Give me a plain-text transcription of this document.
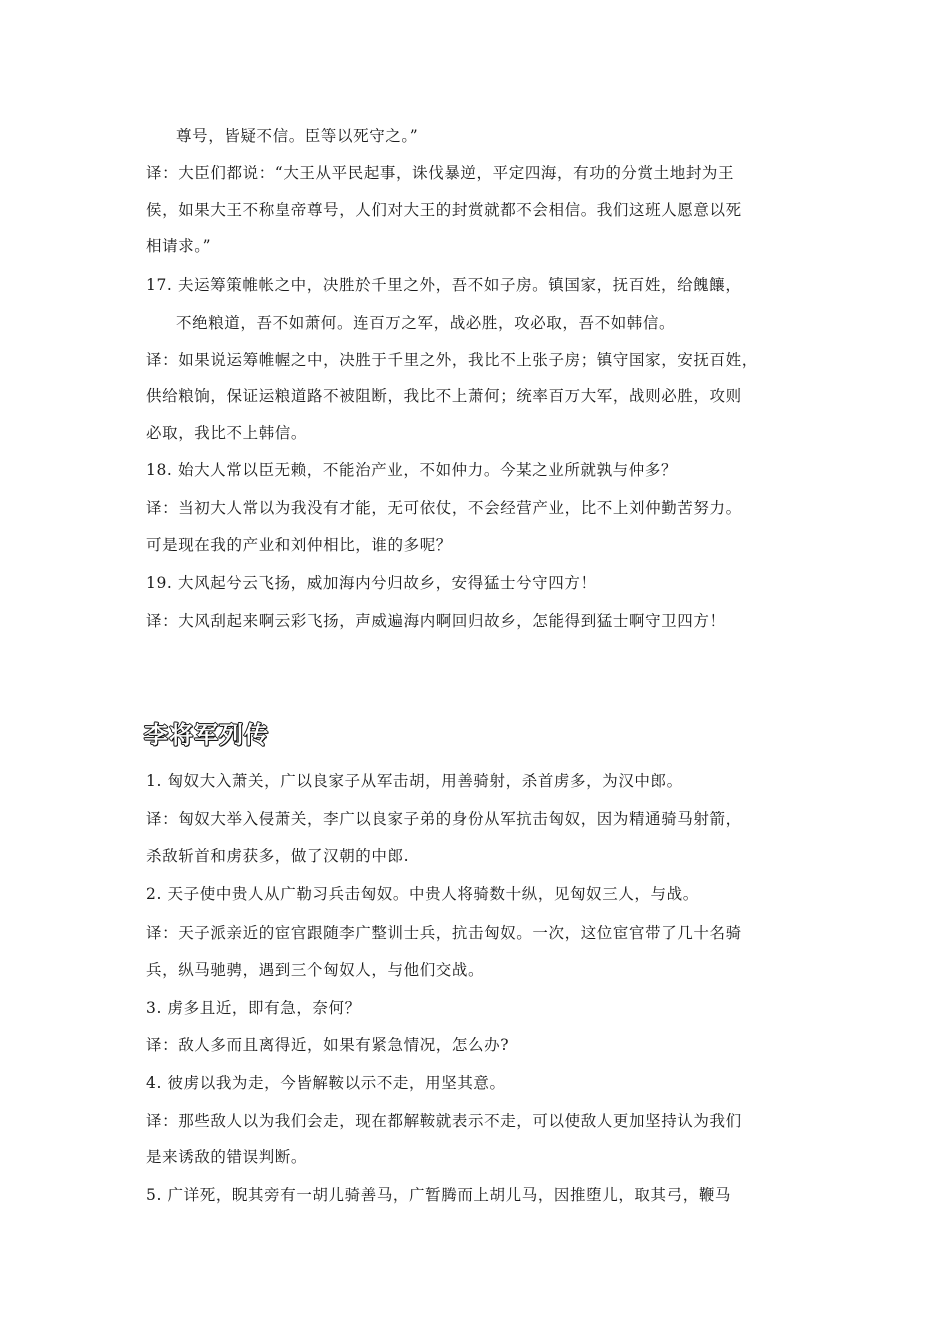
尊号，皆疑不信。臣等以死守之。”
译：大臣们都说：“大王从平民起事，诛伐暴逆，平定四海，有功的分赏土地封为王
侯，如果大王不称皇帝尊号，人们对大王的封赏就都不会相信。我们这班人愿意以死
相请求。”
17. 夫运筹策帷帐之中，决胜於千里之外，吾不如子房。镇国家，抚百姓，给餽饟，
不绝粮道，吾不如萧何。连百万之军，战必胜，攻必取，吾不如韩信。
译：如果说运筹帷幄之中，决胜于千里之外，我比不上张子房；镇守国家，安抚百姓，
供给粮饷，保证运粮道路不被阻断，我比不上萧何；统率百万大军，战则必胜，攻则
必取，我比不上韩信。
18. 始大人常以臣无赖，不能治产业，不如仲力。今某之业所就孰与仲多？
译：当初大人常以为我没有才能，无可依仗，不会经营产业，比不上刘仲勤苦努力。
可是现在我的产业和刘仲相比，谁的多呢？
19. 大风起兮云飞扬，威加海内兮归故乡，安得猛士兮守四方！
译：大风刮起来啊云彩飞扬，声威遍海内啊回归故乡，怎能得到猛士啊守卫四方！
李将军列传
1. 匈奴大入萧关，广以良家子从军击胡，用善骑射，杀首虏多，为汉中郎。
译：匈奴大举入侵萧关，李广以良家子弟的身份从军抗击匈奴，因为精通骑马射箭，
杀敌斩首和虏获多，做了汉朝的中郎.
2. 天子使中贵人从广勒习兵击匈奴。中贵人将骑数十纵，见匈奴三人，与战。
译：天子派亲近的宦官跟随李广整训士兵，抗击匈奴。一次，这位宦官带了几十名骑
兵，纵马驰骋，遇到三个匈奴人，与他们交战。
3. 虏多且近，即有急，奈何？
译：敌人多而且离得近，如果有紧急情况，怎么办?
4. 彼虏以我为走，今皆解鞍以示不走，用坚其意。
译：那些敌人以为我们会走，现在都解鞍就表示不走，可以使敌人更加坚持认为我们
是来诱敌的错误判断。
5. 广详死，睨其旁有一胡儿骑善马，广暂腾而上胡儿马，因推堕儿，取其弓，鞭马
